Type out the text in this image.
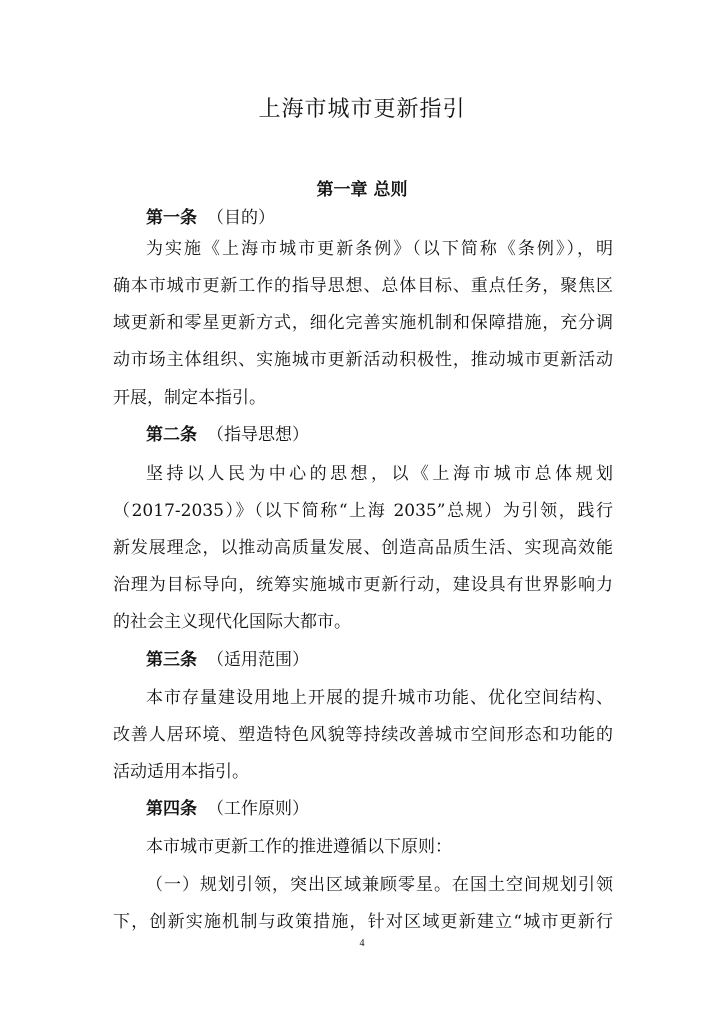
上海市城市更新指引
第一章 总则
第一条 （目的）
为实施《上海市城市更新条例》（以下简称《条例》），明
确本市城市更新工作的指导思想、总体目标、重点任务，聚焦区
域更新和零星更新方式，细化完善实施机制和保障措施，充分调
动市场主体组织、实施城市更新活动积极性，推动城市更新活动
开展，制定本指引。
第二条 （指导思想）
坚持以人民为中心的思想，以《上海市城市总体规划
（2017-2035）》（以下简称“上海 2035”总规）为引领，践行
新发展理念，以推动高质量发展、创造高品质生活、实现高效能
治理为目标导向，统筹实施城市更新行动，建设具有世界影响力
的社会主义现代化国际大都市。
第三条 （适用范围）
本市存量建设用地上开展的提升城市功能、优化空间结构、
改善人居环境、塑造特色风貌等持续改善城市空间形态和功能的
活动适用本指引。
第四条 （工作原则）
本市城市更新工作的推进遵循以下原则：
（一）规划引领，突出区域兼顾零星。在国土空间规划引领
下，创新实施机制与政策措施，针对区域更新建立“城市更新行
4
